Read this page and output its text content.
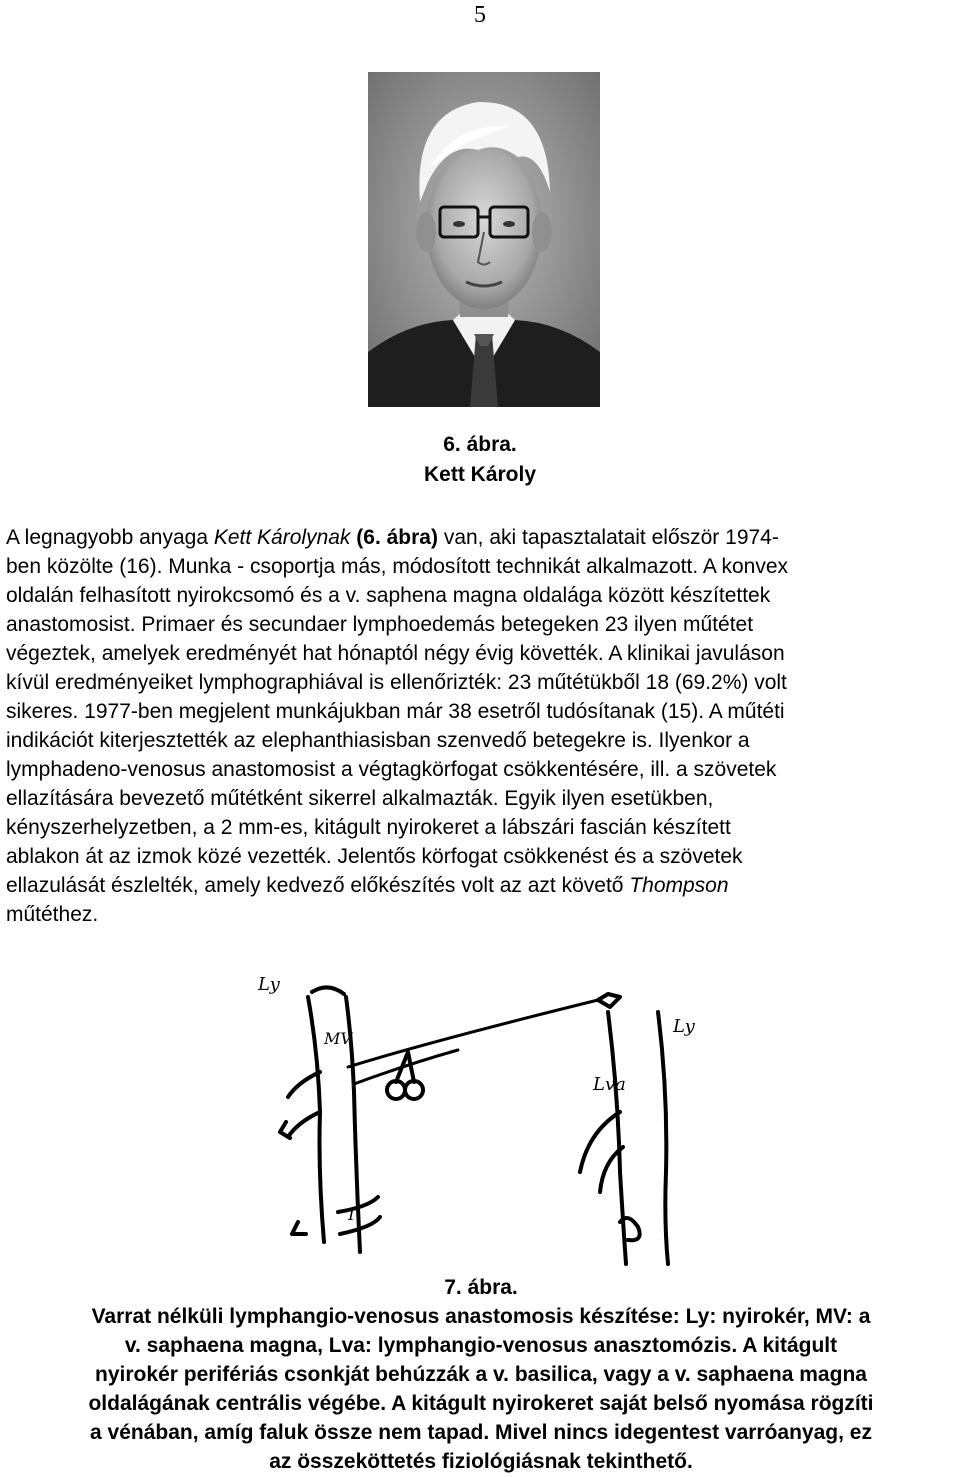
5
6. ábra.
Kett Károly
A legnagyobb anyaga Kett Károlynak (6. ábra) van, aki tapasztalatait először 1974-
ben közölte (16). Munka - csoportja más, módosított technikát alkalmazott. A konvex
oldalán felhasított nyirokcsomó és a v. saphena magna oldalága között készítettek
anastomosist. Primaer és secundaer lymphoedemás betegeken 23 ilyen műtétet
végeztek, amelyek eredményét hat hónaptól négy évig követték. A klinikai javuláson
kívül eredményeiket lymphographiával is ellenőrizték: 23 műtétükből 18 (69.2%) volt
sikeres. 1977-ben megjelent munkájukban már 38 esetről tudósítanak (15). A műtéti
indikációt kiterjesztették az elephanthiasisban szenvedő betegekre is. Ilyenkor a
lymphadeno-venosus anastomosist a végtagkörfogat csökkentésére, ill. a szövetek
ellazítására bevezető műtétként sikerrel alkalmazták. Egyik ilyen esetükben,
kényszerhelyzetben, a 2 mm-es, kitágult nyirokeret a lábszári fascián készített
ablakon át az izmok közé vezették. Jelentős körfogat csökkenést és a szövetek
ellazulását észlelték, amely kedvező előkészítés volt az azt követő Thompson
műtéthez.
Ly
MV
Ly
Lva
T
7. ábra.
Varrat nélküli lymphangio-venosus anastomosis készítése: Ly: nyirokér, MV: a
v. saphaena magna, Lva: lymphangio-venosus anasztomózis. A kitágult
nyirokér perifériás csonkját behúzzák a v. basilica, vagy a v. saphaena magna
oldalágának centrális végébe. A kitágult nyirokeret saját belső nyomása rögzíti
a vénában, amíg faluk össze nem tapad. Mivel nincs idegentest varróanyag, ez
az összeköttetés fiziológiásnak tekinthető.
